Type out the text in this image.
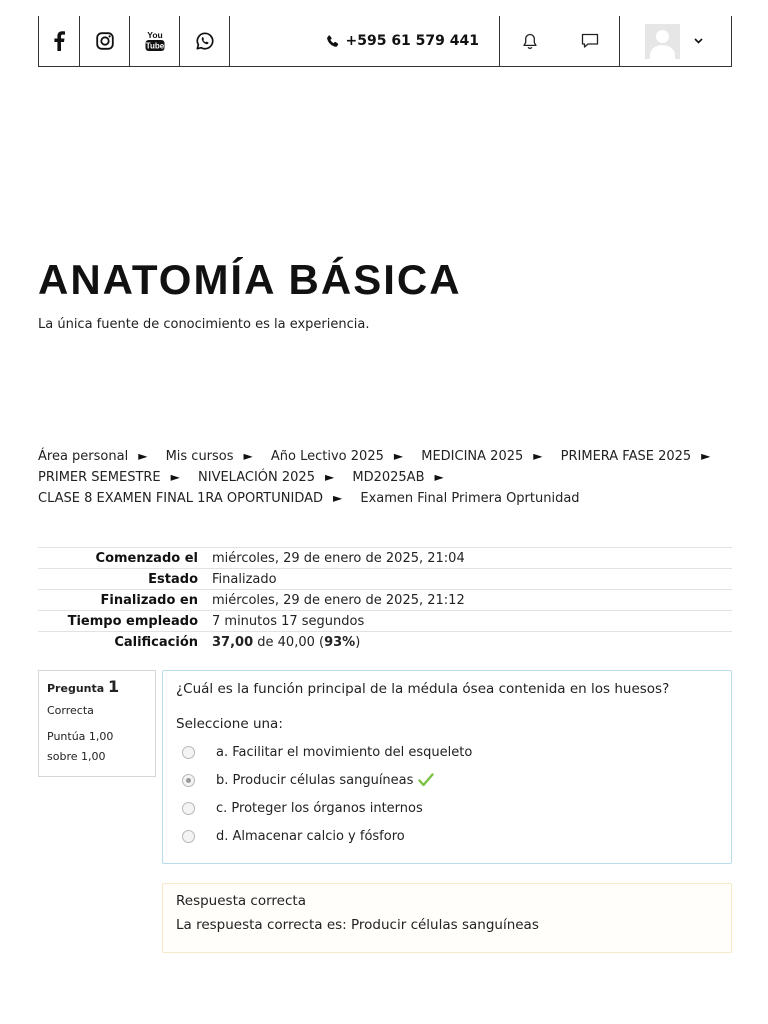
You
Tube	+595 61 579 441
ANATOMÍA BÁSICA
La única fuente de conocimiento es la experiencia.
Área personal ► Mis cursos ► Año Lectivo 2025 ► MEDICINA 2025 ► PRIMERA FASE 2025 ► PRIMER SEMESTRE ► NIVELACIÓN 2025 ► MD2025AB ► CLASE 8 EXAMEN FINAL 1RA OPORTUNIDAD ► Examen Final Primera Oprtunidad
Comenzado el	miércoles, 29 de enero de 2025, 21:04
Estado	Finalizado
Finalizado en	miércoles, 29 de enero de 2025, 21:12
Tiempo empleado	7 minutos 17 segundos
Calificación	37,00 de 40,00 (93%)
Pregunta 1
Correcta
Puntúa 1,00 sobre 1,00
¿Cuál es la función principal de la médula ósea contenida en los huesos?
Seleccione una:
a. Facilitar el movimiento del esqueleto
b. Producir células sanguíneas
c. Proteger los órganos internos
d. Almacenar calcio y fósforo
Respuesta correcta
La respuesta correcta es: Producir células sanguíneas
